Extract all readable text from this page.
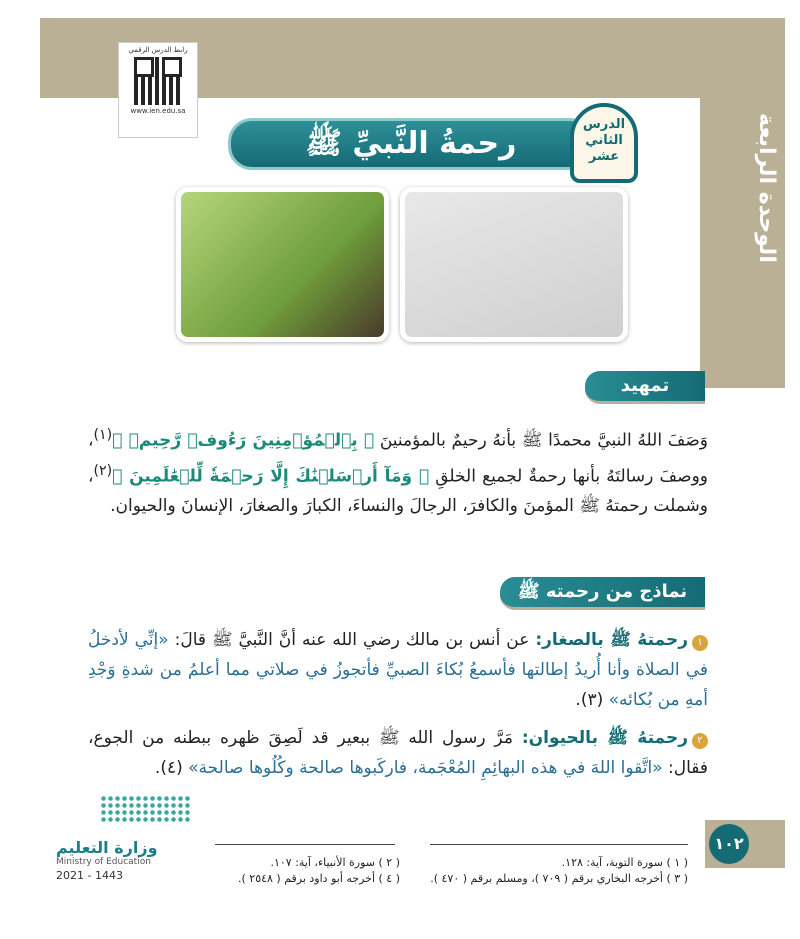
الوحدة الرابعة
رابط الدرس الرقمي
www.ien.edu.sa
رحمةُ النَّبيِّ ﷺ
الدرس
الثاني
عشر
تمهيد
وَصَفَ اللهُ النبيَّ محمدًا ﷺ بأنهُ رحيمٌ بالمؤمنينَ ﴿ بِٱلۡمُؤۡمِنِينَ رَءُوفٞ رَّحِيمٞ ﴾$^{(١)}$، ووصفَ رسالتَهُ بأنها رحمةٌ لجميع الخلقِ ﴿ وَمَآ أَرۡسَلۡنَٰكَ إِلَّا رَحۡمَةٗ لِّلۡعَٰلَمِينَ ﴾$^{(٢)}$، وشملت رحمتهُ ﷺ المؤمنَ والكافرَ، الرجالَ والنساءَ، الكبارَ والصغارَ، الإنسانَ والحيوان.
نماذج من رحمته ﷺ
١رحمتهُ ﷺ بالصغار: عن أنس بن مالك رضي الله عنه أنَّ النَّبيَّ ﷺ قالَ: «إنِّي لأدخلُ في الصلاة وأنا أُريدُ إطالتها فأسمعُ بُكاءَ الصبيِّ فأتجوزُ في صلاتي مما أعلمُ من شدةِ وَجْدِ أمهِ من بُكائه» (٣).
٢رحمتهُ ﷺ بالحيوان: مَرَّ رسول الله ﷺ ببعير قد لَصِقَ ظهره ببطنه من الجوع، فقال: «اتَّقوا اللهَ في هذه البهائِمِ المُعْجَمة، فاركَبوها صالحة وكُلُوها صالحة» (٤).
وزارة التعليم
Ministry of Education
2021 - 1443
( ١ ) سورة التوبة، آية: ١٢٨.
( ٣ ) أخرجه البخاري برقم ( ٧٠٩ )، ومسلم برقم ( ٤٧٠ ).
( ٢ ) سورة الأنبياء، آية: ١٠٧.
( ٤ ) أخرجه أبو داود برقم ( ٢٥٤٨ ).
١٠٢
